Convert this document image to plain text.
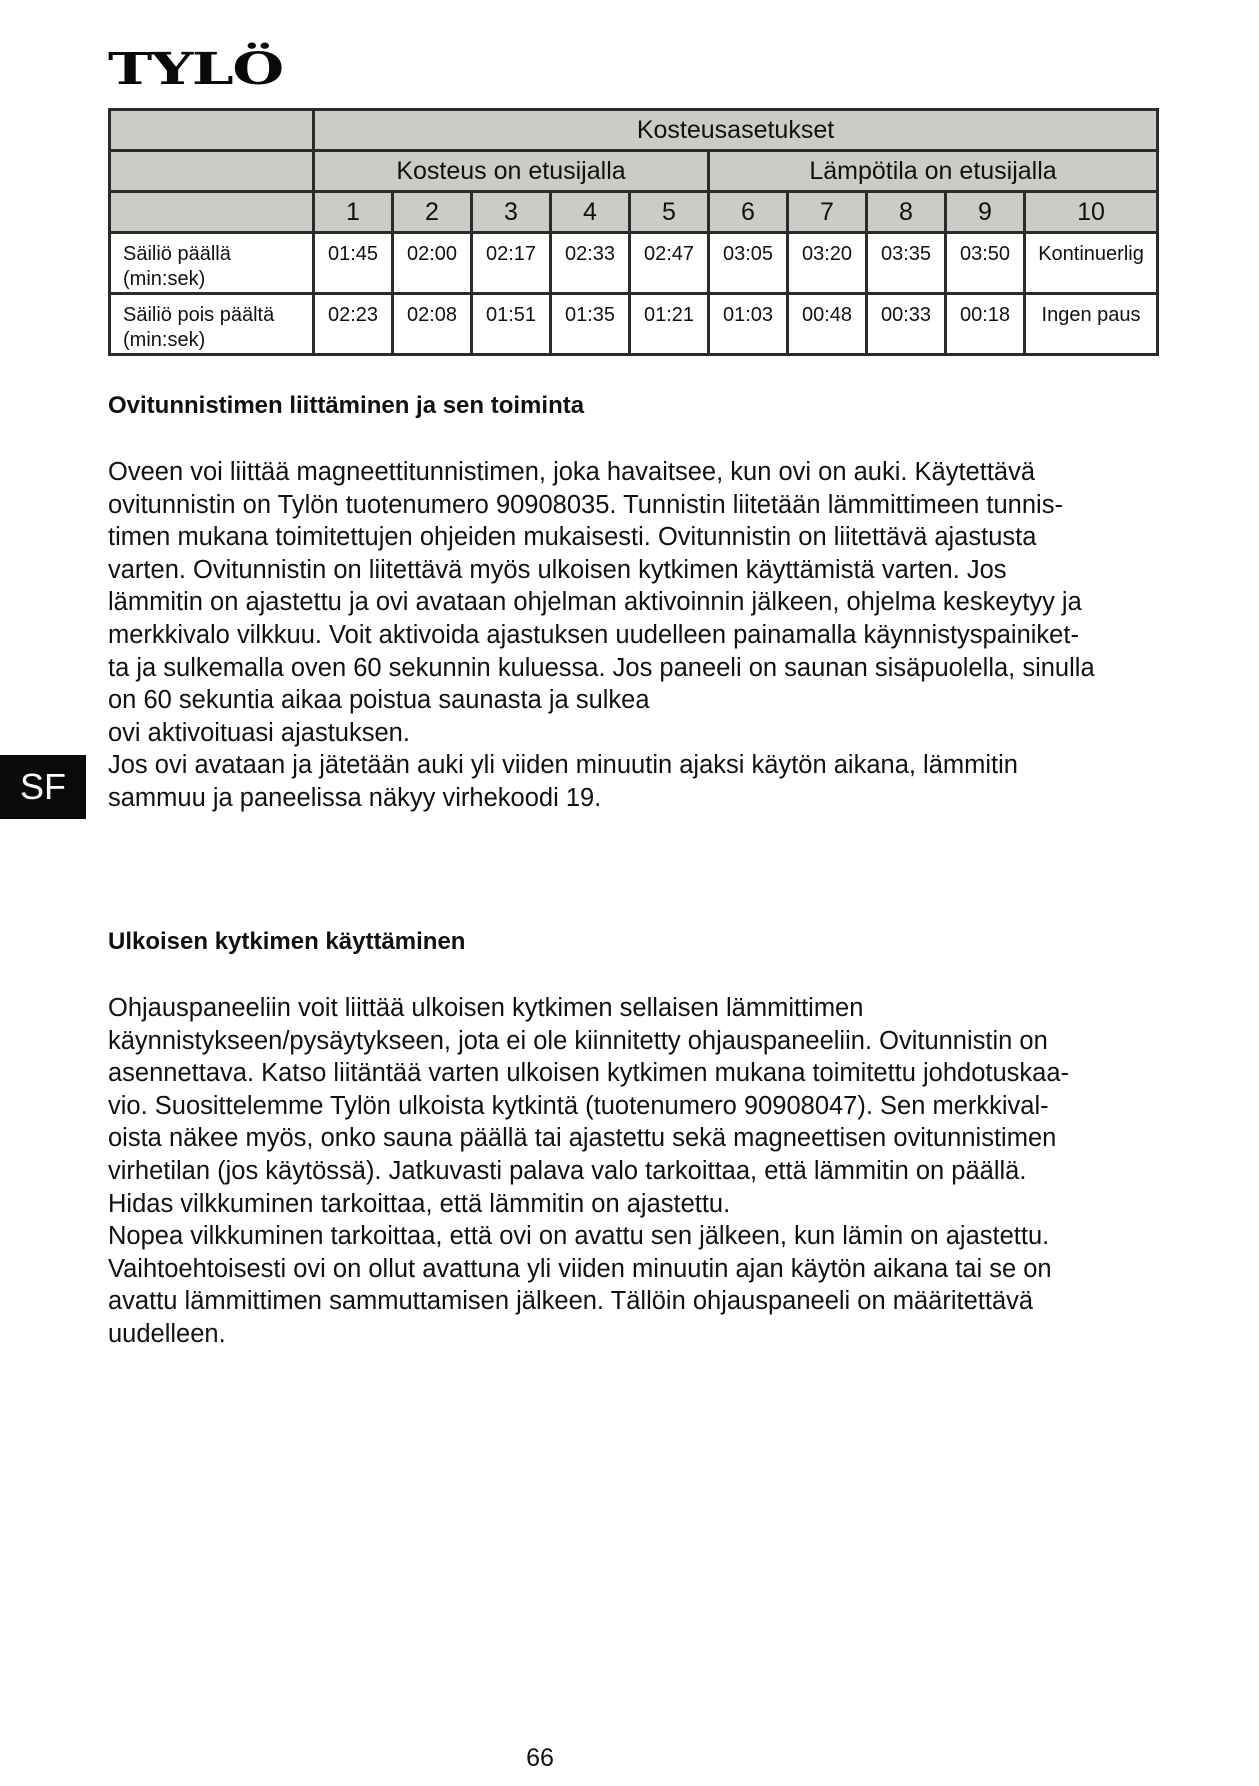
TYLÖ
	Kosteusasetukset									
	Kosteus on etusijalla					Lämpötila on etusijalla				
	1	2	3	4	5	6	7	8	9	10

Säiliö päällä
(min:sek)	01:45	02:00	02:17	02:33	02:47	03:05	03:20	03:35	03:50	Kontinuerlig

Säiliö pois päältä
(min:sek)	02:23	02:08	01:51	01:35	01:21	01:03	00:48	00:33	00:18	Ingen paus
Ovitunnistimen liittäminen ja sen toiminta
Oveen voi liittää magneettitunnistimen, joka havaitsee, kun ovi on auki. Käytettävä
ovitunnistin on Tylön tuotenumero 90908035. Tunnistin liitetään lämmittimeen tunnis-
timen mukana toimitettujen ohjeiden mukaisesti. Ovitunnistin on liitettävä ajastusta
varten. Ovitunnistin on liitettävä myös ulkoisen kytkimen käyttämistä varten. Jos
lämmitin on ajastettu ja ovi avataan ohjelman aktivoinnin jälkeen, ohjelma keskeytyy ja
merkkivalo vilkkuu. Voit aktivoida ajastuksen uudelleen painamalla käynnistyspainiket-
ta ja sulkemalla oven 60 sekunnin kuluessa. Jos paneeli on saunan sisäpuolella, sinulla
on 60 sekuntia aikaa poistua saunasta ja sulkea
ovi aktivoituasi ajastuksen.
Jos ovi avataan ja jätetään auki yli viiden minuutin ajaksi käytön aikana, lämmitin
sammuu ja paneelissa näkyy virhekoodi 19.
SF
Ulkoisen kytkimen käyttäminen
Ohjauspaneeliin voit liittää ulkoisen kytkimen sellaisen lämmittimen
käynnistykseen/pysäytykseen, jota ei ole kiinnitetty ohjauspaneeliin. Ovitunnistin on
asennettava. Katso liitäntää varten ulkoisen kytkimen mukana toimitettu johdotuskaa-
vio. Suosittelemme Tylön ulkoista kytkintä (tuotenumero 90908047). Sen merkkival-
oista näkee myös, onko sauna päällä tai ajastettu sekä magneettisen ovitunnistimen
virhetilan (jos käytössä). Jatkuvasti palava valo tarkoittaa, että lämmitin on päällä.
Hidas vilkkuminen tarkoittaa, että lämmitin on ajastettu.
Nopea vilkkuminen tarkoittaa, että ovi on avattu sen jälkeen, kun lämin on ajastettu.
Vaihtoehtoisesti ovi on ollut avattuna yli viiden minuutin ajan käytön aikana tai se on
avattu lämmittimen sammuttamisen jälkeen. Tällöin ohjauspaneeli on määritettävä
uudelleen.
66
